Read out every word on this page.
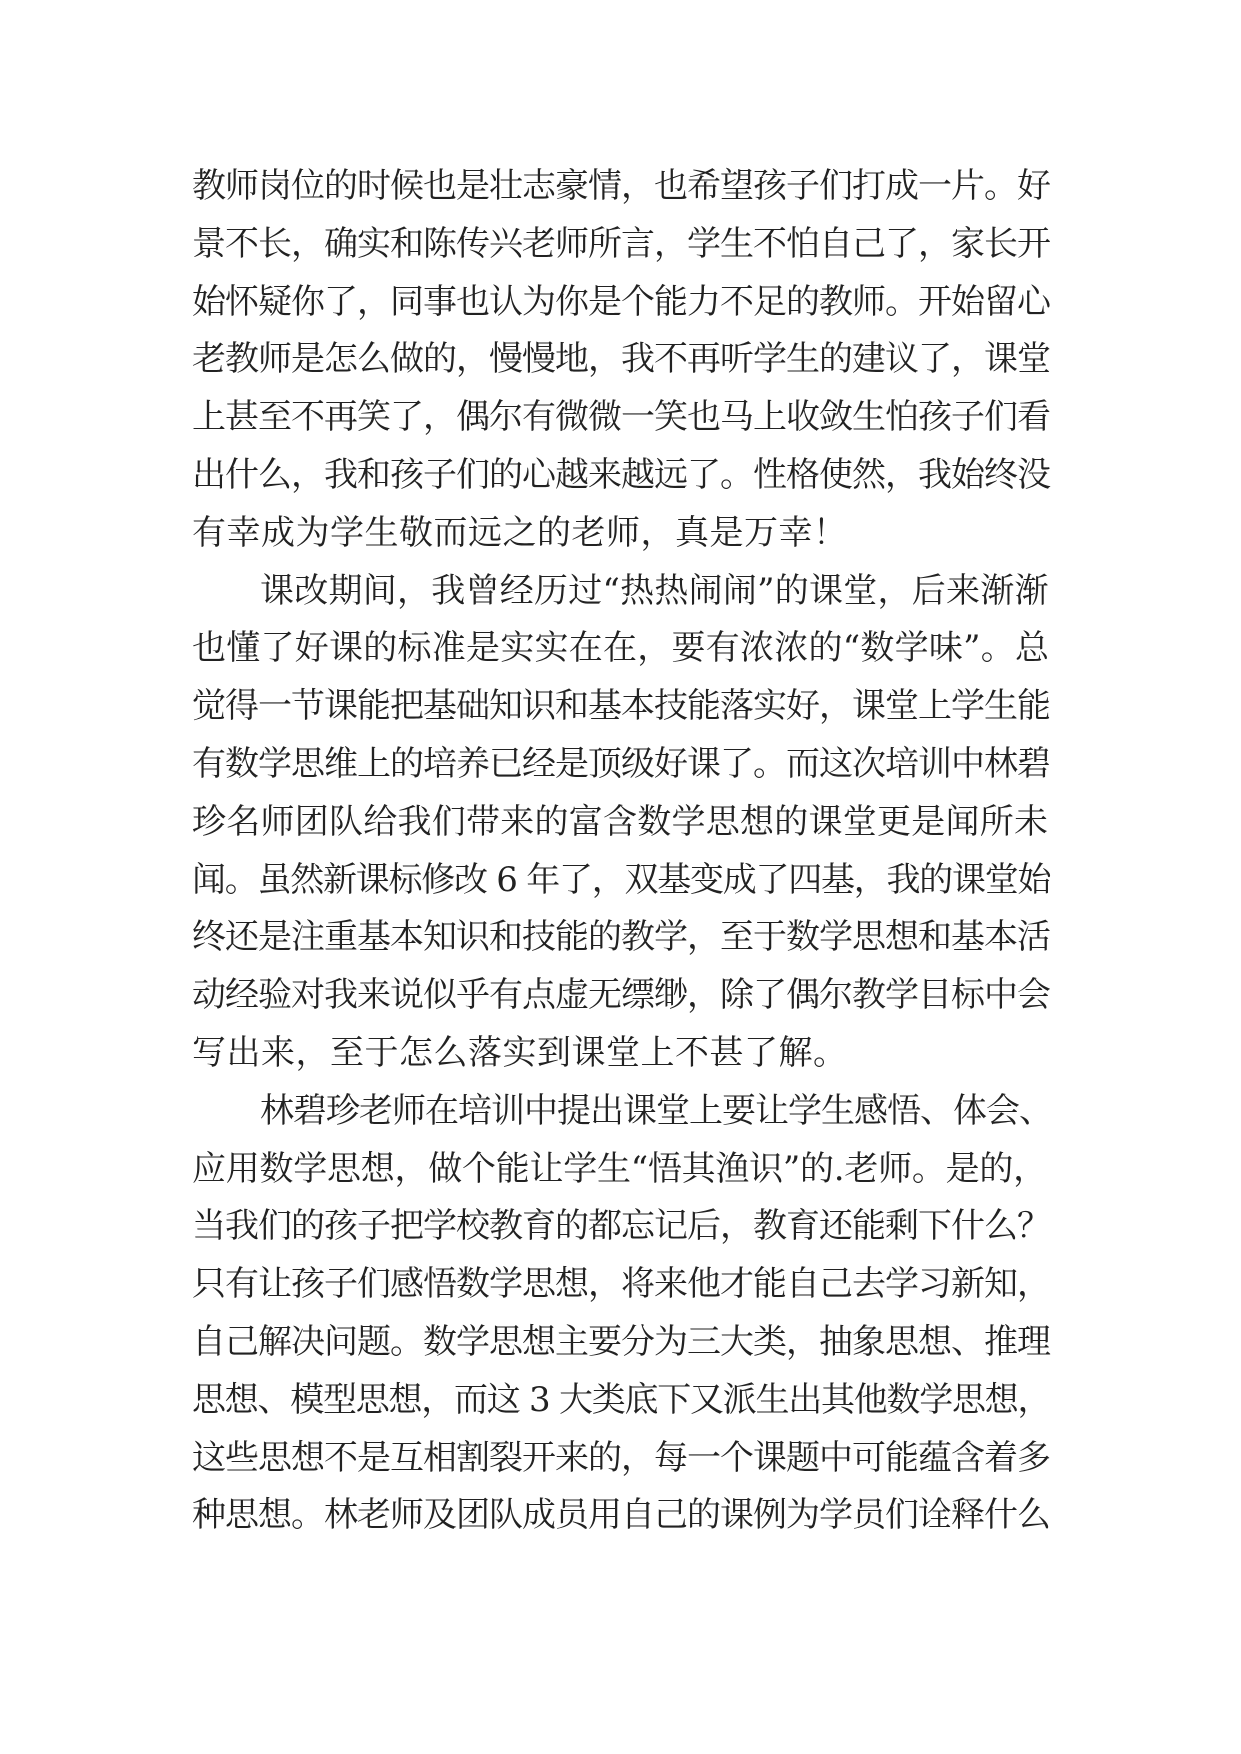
教师岗位的时候也是壮志豪情，也希望孩子们打成一片。好
景不长，确实和陈传兴老师所言，学生不怕自己了，家长开
始怀疑你了，同事也认为你是个能力不足的教师。开始留心
老教师是怎么做的，慢慢地，我不再听学生的建议了，课堂
上甚至不再笑了，偶尔有微微一笑也马上收敛生怕孩子们看
出什么，我和孩子们的心越来越远了。性格使然，我始终没
有幸成为学生敬而远之的老师，真是万幸！
课改期间，我曾经历过“热热闹闹”的课堂，后来渐渐
也懂了好课的标准是实实在在，要有浓浓的“数学味”。总
觉得一节课能把基础知识和基本技能落实好，课堂上学生能
有数学思维上的培养已经是顶级好课了。而这次培训中林碧
珍名师团队给我们带来的富含数学思想的课堂更是闻所未
闻。虽然新课标修改 6 年了，双基变成了四基，我的课堂始
终还是注重基本知识和技能的教学，至于数学思想和基本活
动经验对我来说似乎有点虚无缥缈，除了偶尔教学目标中会
写出来，至于怎么落实到课堂上不甚了解。
林碧珍老师在培训中提出课堂上要让学生感悟、体会、
应用数学思想，做个能让学生“悟其渔识”的.老师。是的，
当我们的孩子把学校教育的都忘记后，教育还能剩下什么？
只有让孩子们感悟数学思想，将来他才能自己去学习新知，
自己解决问题。数学思想主要分为三大类，抽象思想、推理
思想、模型思想，而这 3 大类底下又派生出其他数学思想，
这些思想不是互相割裂开来的，每一个课题中可能蕴含着多
种思想。林老师及团队成员用自己的课例为学员们诠释什么
